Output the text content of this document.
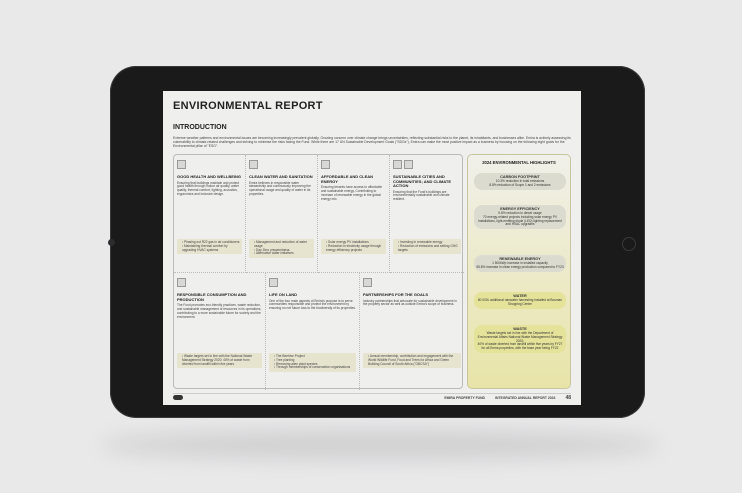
ENVIRONMENTAL REPORT
INTRODUCTION
Extreme weather patterns and environmental issues are becoming increasingly prevalent globally. Growing concern over climate change brings uncertainties, reflecting substantial risks to the planet, its inhabitants, and businesses alike. Emira is actively assessing its vulnerability to climate-related challenges and striving to minimise the risks facing the Fund. While there are 17 UN Sustainable Development Goals ("SDGs"), Emira can make the most positive impact as a business by focusing on the following eight goals for the Environmental pillar of "ESG".
GOOD HEALTH AND WELLBEING
Ensuring that buildings maintain and protect good health through indoor air quality, water quality, thermal comfort, lighting, acoustics, ergonomics and inclusive design.
• Phasing out R22 gas in air conditioners
• Maintaining thermal comfort by upgrading HVAC systems
CLEAN WATER AND SANITATION
Emira believes in responsible water stewardship and continuously improving the operational usage and quality of water in its properties.
• Management and reduction of water usage
• Day Zero preparedness
• Alternative water initiatives
AFFORDABLE AND CLEAN ENERGY
Ensuring tenants have access to affordable and sustainable energy. Contributing to increase of renewable energy in the global energy mix.
• Solar energy PV installations
• Reduction in electricity usage through energy efficiency projects
SUSTAINABLE CITIES AND COMMUNITIES; AND CLIMATE ACTION
Ensuring that the Fund's buildings are environmentally sustainable and climate resilient.
• Investing in renewable energy
• Reduction of emissions and setting GHG targets
RESPONSIBLE CONSUMPTION AND PRODUCTION
The Fund promotes eco-friendly practices, waste reduction, and sustainable management of resources in its operations, contributing to a more sustainable future for society and the environment.
• Waste targets set in line with the National Waste Management Strategy 2020: 40% of waste from diverted from landfill within five years
LIFE ON LAND
One of the four main aspects of Emira's purpose is to serve communities responsible and protect the environment by ensuring no net future loss to the biodiversity of its properties.
• The Beehive Project
• Tree planting
• Removing alien plant species
• Through memberships of conservation organisations
PARTNERSHIPS FOR THE GOALS
Industry partnerships that advocate for sustainable development in the property sector as well as outside Emira's scope of business.
• Annual membership, contribution and engagement with the World Wildlife Fund, Food and Trees for Africa and Green Building Council of South Africa ("GBCSA")
2024 ENVIRONMENTAL HIGHLIGHTS
CARBON FOOTPRINT
10.3% reduction in total emissions
8.8% reduction of Scope 1 and 2 emissions
ENERGY EFFICIENCY
5.8% reduction in diesel usage
70 energy-related projects including solar energy PV installations, light-emitting diode (LED) lighting replacement and HVAC upgrades
RENEWABLE ENERGY
1 500kWp increase in installed capacity
55.8% increase in clean energy production compared to FY23
WATER
80 000L additional rainwater harvesting installed at Bosman Shopping Centre
WASTE
Waste targets set in line with the Department of Environmental Affairs National Waste Management Strategy 2020:
40% of waste diverted from landfill within five years by FY27 for all Emira properties, with the base year being FY22
EMIRA PROPERTY FUND	INTEGRATED ANNUAL REPORT 2024 48
